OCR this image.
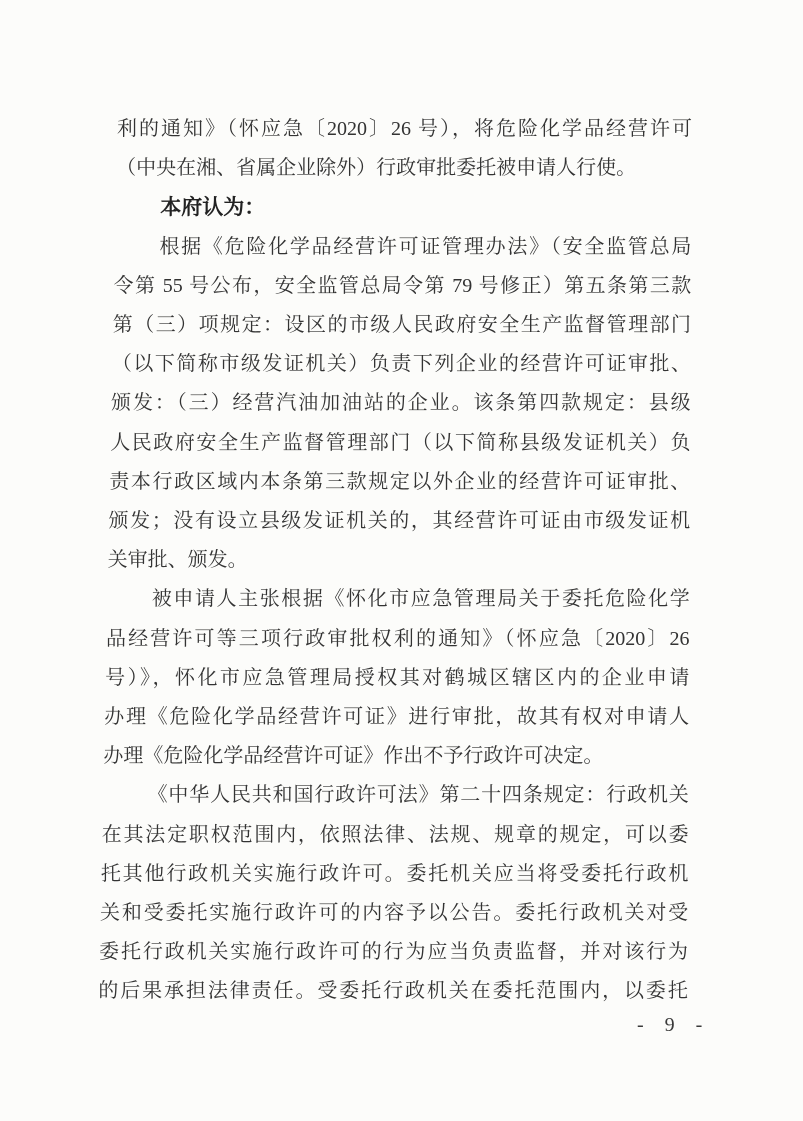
利的通知》（怀应急〔2020〕26 号），将危险化学品经营许可
（中央在湘、省属企业除外）行政审批委托被申请人行使。
本府认为：
根据《危险化学品经营许可证管理办法》（安全监管总局
令第 55 号公布，安全监管总局令第 79 号修正）第五条第三款
第（三）项规定：设区的市级人民政府安全生产监督管理部门
（以下简称市级发证机关）负责下列企业的经营许可证审批、
颁发：（三）经营汽油加油站的企业。该条第四款规定：县级
人民政府安全生产监督管理部门（以下简称县级发证机关）负
责本行政区域内本条第三款规定以外企业的经营许可证审批、
颁发；没有设立县级发证机关的，其经营许可证由市级发证机
关审批、颁发。
被申请人主张根据《怀化市应急管理局关于委托危险化学
品经营许可等三项行政审批权利的通知》（怀应急〔2020〕26
号）》，怀化市应急管理局授权其对鹤城区辖区内的企业申请
办理《危险化学品经营许可证》进行审批，故其有权对申请人
办理《危险化学品经营许可证》作出不予行政许可决定。
《中华人民共和国行政许可法》第二十四条规定：行政机关
在其法定职权范围内，依照法律、法规、规章的规定，可以委
托其他行政机关实施行政许可。委托机关应当将受委托行政机
关和受委托实施行政许可的内容予以公告。委托行政机关对受
委托行政机关实施行政许可的行为应当负责监督，并对该行为
的后果承担法律责任。受委托行政机关在委托范围内，以委托
- 9 -
